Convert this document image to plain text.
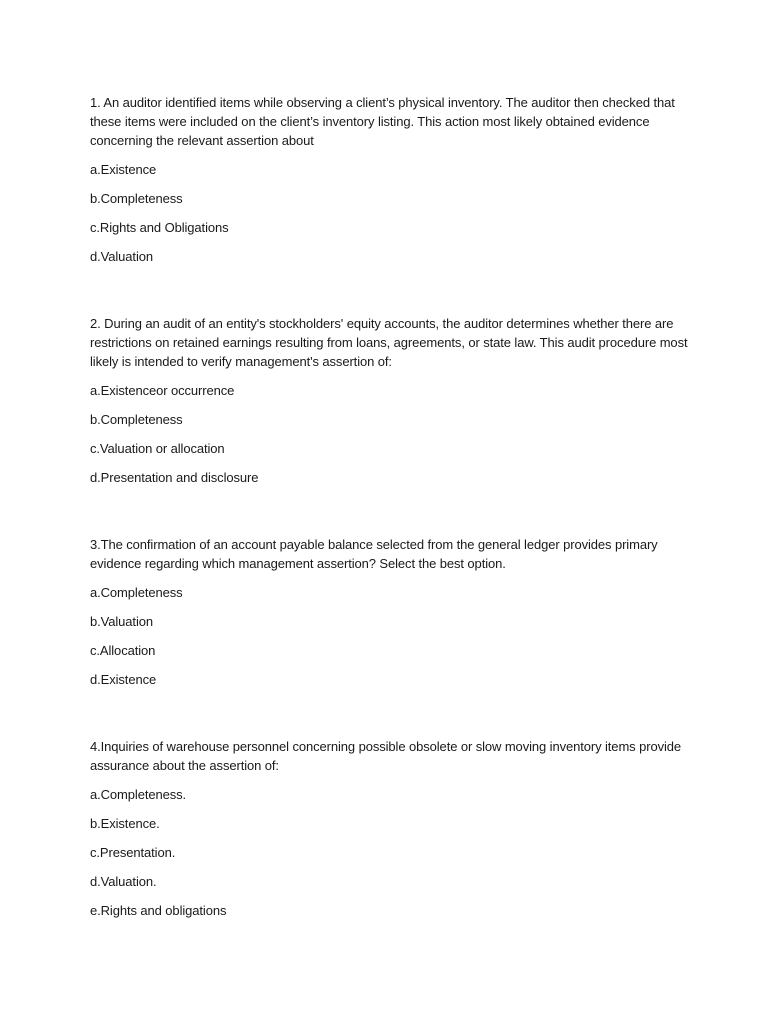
1. An auditor identified items while observing a client’s physical inventory. The auditor then checked that these items were included on the client’s inventory listing. This action most likely obtained evidence concerning the relevant assertion about

a.Existence

b.Completeness

c.Rights and Obligations

d.Valuation

2. During an audit of an entity's stockholders' equity accounts, the auditor determines whether there are restrictions on retained earnings resulting from loans, agreements, or state law. This audit procedure most likely is intended to verify management's assertion of:

a.Existenceor occurrence

b.Completeness

c.Valuation or allocation

d.Presentation and disclosure

3.The confirmation of an account payable balance selected from the general ledger provides primary evidence regarding which management assertion? Select the best option.

a.Completeness

b.Valuation

c.Allocation

d.Existence

4.Inquiries of warehouse personnel concerning possible obsolete or slow moving inventory items provide assurance about the assertion of:

a.Completeness.

b.Existence.

c.Presentation.

d.Valuation.

e.Rights and obligations
